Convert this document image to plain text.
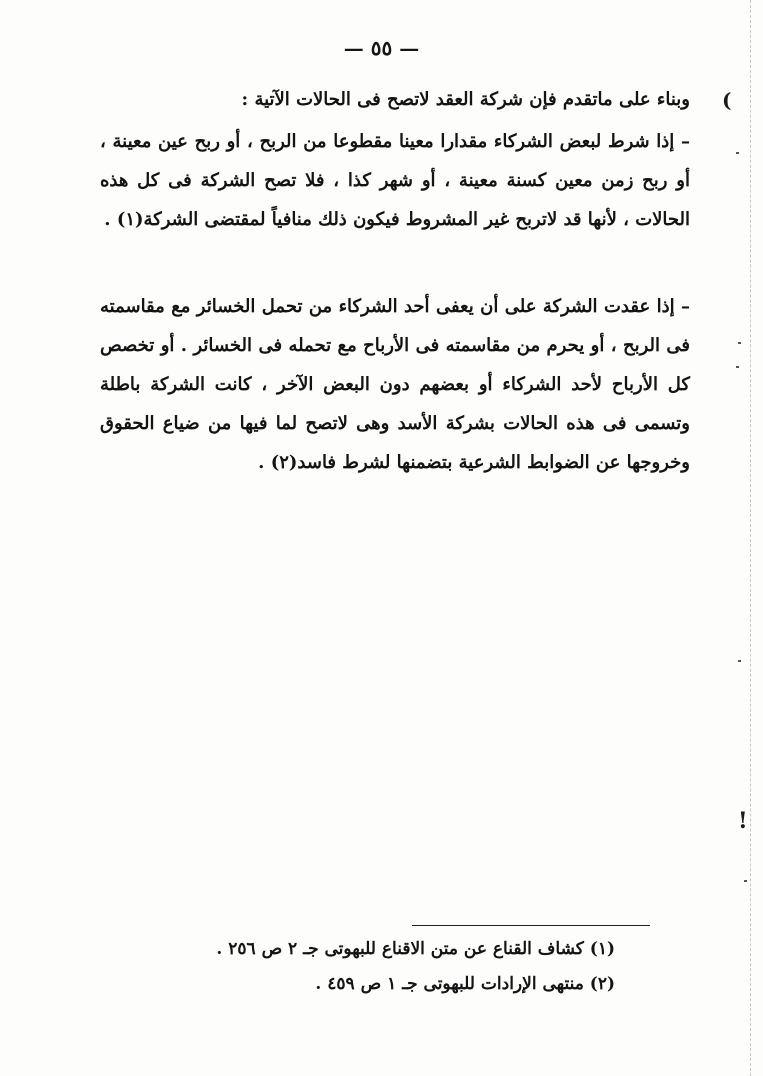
— ٥٥ —
وبناء على ماتقدم فإن شركة العقد لاتصح فى الحالات الآتية :
– إذا شرط لبعض الشركاء مقدارا معينا مقطوعا من الربح ، أو ربح عين معينة ، أو ربح زمن معين كسنة معينة ، أو شهر كذا ، فلا تصح الشركة فى كل هذه الحالات ، لأنها قد لاتربح غير المشروط فيكون ذلك منافياً لمقتضى الشركة(١) .
– إذا عقدت الشركة على أن يعفى أحد الشركاء من تحمل الخسائر مع مقاسمته فى الربح ، أو يحرم من مقاسمته فى الأرباح مع تحمله فى الخسائر . أو تخصص كل الأرباح لأحد الشركاء أو بعضهم دون البعض الآخر ، كانت الشركة باطلة وتسمى فى هذه الحالات بشركة الأسد وهى لاتصح لما فيها من ضياع الحقوق وخروجها عن الضوابط الشرعية بتضمنها لشرط فاسد(٢) .
(١) كشاف القناع عن متن الاقناع للبهوتى جـ ٢ ص ٢٥٦ .
(٢) منتهى الإرادات للبهوتى جـ ١ ص ٤٥٩ .
(
!
